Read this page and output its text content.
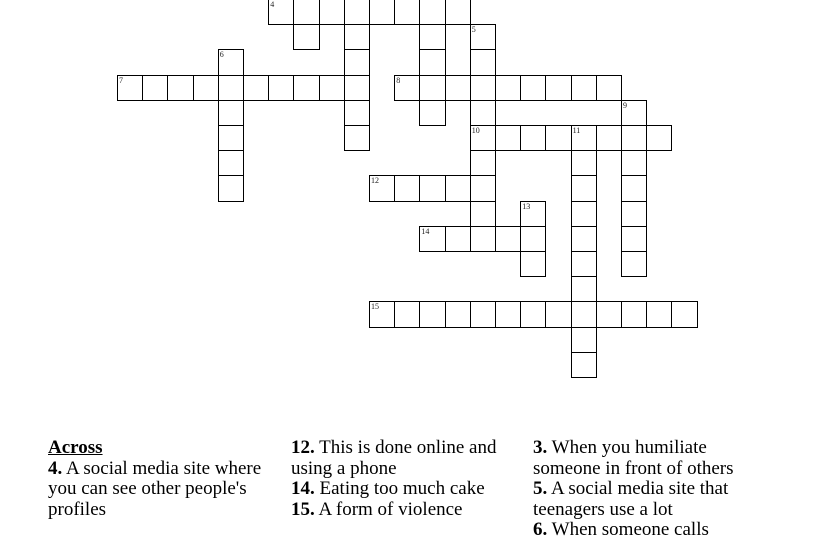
4
7	8
10	11
12
14
15
5
6
9
13
Across
4. A social media site where you can see other people's profiles
12. This is done online and using a phone
14. Eating too much cake
15. A form of violence
3. When you humiliate someone in front of others
5. A social media site that teenagers use a lot
6. When someone calls
